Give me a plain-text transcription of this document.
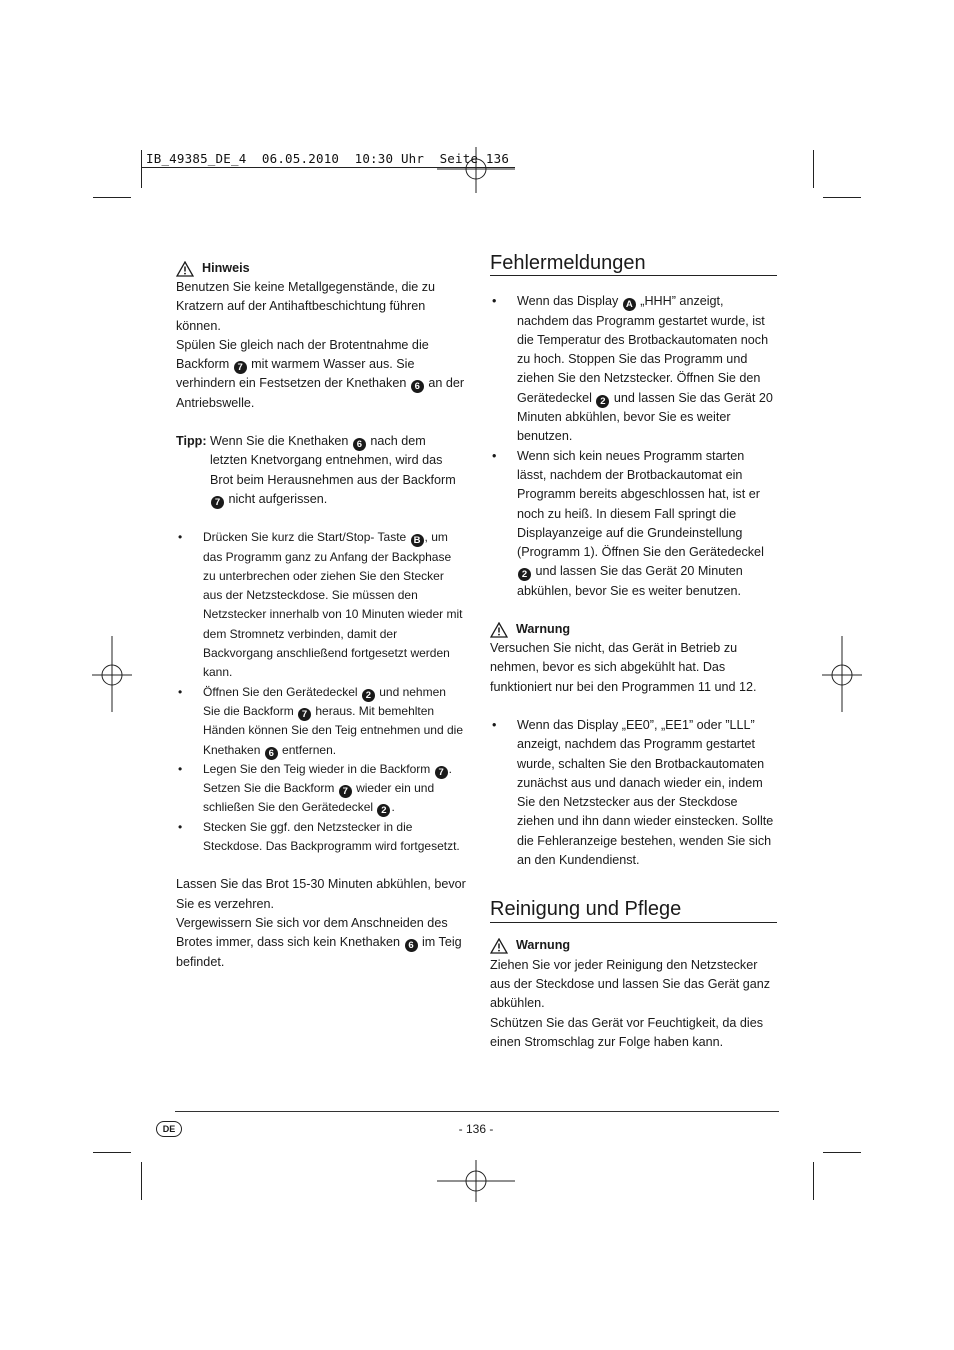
IB_49385_DE_4  06.05.2010  10:30 Uhr  Seite 136
Hinweis

Benutzen Sie keine Metallgegenstände, die zu Kratzern auf der Antihaftbeschichtung führen können.

Spülen Sie gleich nach der Brotentnahme die Backform 7 mit warmem Wasser aus. Sie verhindern ein Festsetzen der Knethaken 6 an der Antriebswelle.

Tipp: Wenn Sie die Knethaken 6 nach dem letzten Knetvorgang entnehmen, wird das Brot beim Herausnehmen aus der Backform 7 nicht aufgerissen.
• Drücken Sie kurz die Start/Stop- Taste B , um das Programm ganz zu Anfang der Backphase zu unterbrechen oder ziehen Sie den Stecker aus der Netzsteckdose. Sie müssen den Netzstecker innerhalb von 10 Minuten wieder mit dem Stromnetz verbinden, damit der Backvorgang anschließend fortgesetzt werden kann.
• Öffnen Sie den Gerätedeckel 2 und nehmen Sie die Backform 7 heraus. Mit bemehlten Händen können Sie den Teig entnehmen und die Knethaken 6 entfernen.
• Legen Sie den Teig wieder in die Backform 7 . Setzen Sie die Backform 7 wieder ein und schließen Sie den Gerätedeckel 2 .
• Stecken Sie ggf. den Netzstecker in die Steckdose. Das Backprogramm wird fortgesetzt.

Lassen Sie das Brot 15-30 Minuten abkühlen, bevor Sie es verzehren.

Vergewissern Sie sich vor dem Anschneiden des Brotes immer, dass sich kein Knethaken 6 im Teig befindet.

Fehlermeldungen
• Wenn das Display A „HHH” anzeigt, nachdem das Programm gestartet wurde, ist die Temperatur des Brotbackautomaten noch zu hoch. Stoppen Sie das Programm und ziehen Sie den Netzstecker. Öffnen Sie den Gerätedeckel 2 und lassen Sie das Gerät 20 Minuten abkühlen, bevor Sie es weiter benutzen.
• Wenn sich kein neues Programm starten lässt, nachdem der Brotbackautomat ein Programm bereits abgeschlossen hat, ist er noch zu heiß. In diesem Fall springt die Displayanzeige auf die Grundeinstellung (Programm 1). Öffnen Sie den Gerätedeckel 2 und lassen Sie das Gerät 20 Minuten abkühlen, bevor Sie es weiter benutzen.
Warnung

Versuchen Sie nicht, das Gerät in Betrieb zu nehmen, bevor es sich abgekühlt hat. Das funktioniert nur bei den Programmen 11 und 12.

• Wenn das Display „EE0”, „EE1” oder ”LLL” anzeigt, nachdem das Programm gestartet wurde, schalten Sie den Brotbackautomaten zunächst aus und danach wieder ein, indem Sie den Netzstecker aus der Steckdose ziehen und ihn dann wieder einstecken. Sollte die Fehleranzeige bestehen, wenden Sie sich an den Kundendienst.
Reinigung und Pflege
Warnung

Ziehen Sie vor jeder Reinigung den Netzstecker aus der Steckdose und lassen Sie das Gerät ganz abkühlen.

Schützen Sie das Gerät vor Feuchtigkeit, da dies einen Stromschlag zur Folge haben kann.

DE	- 136 -
